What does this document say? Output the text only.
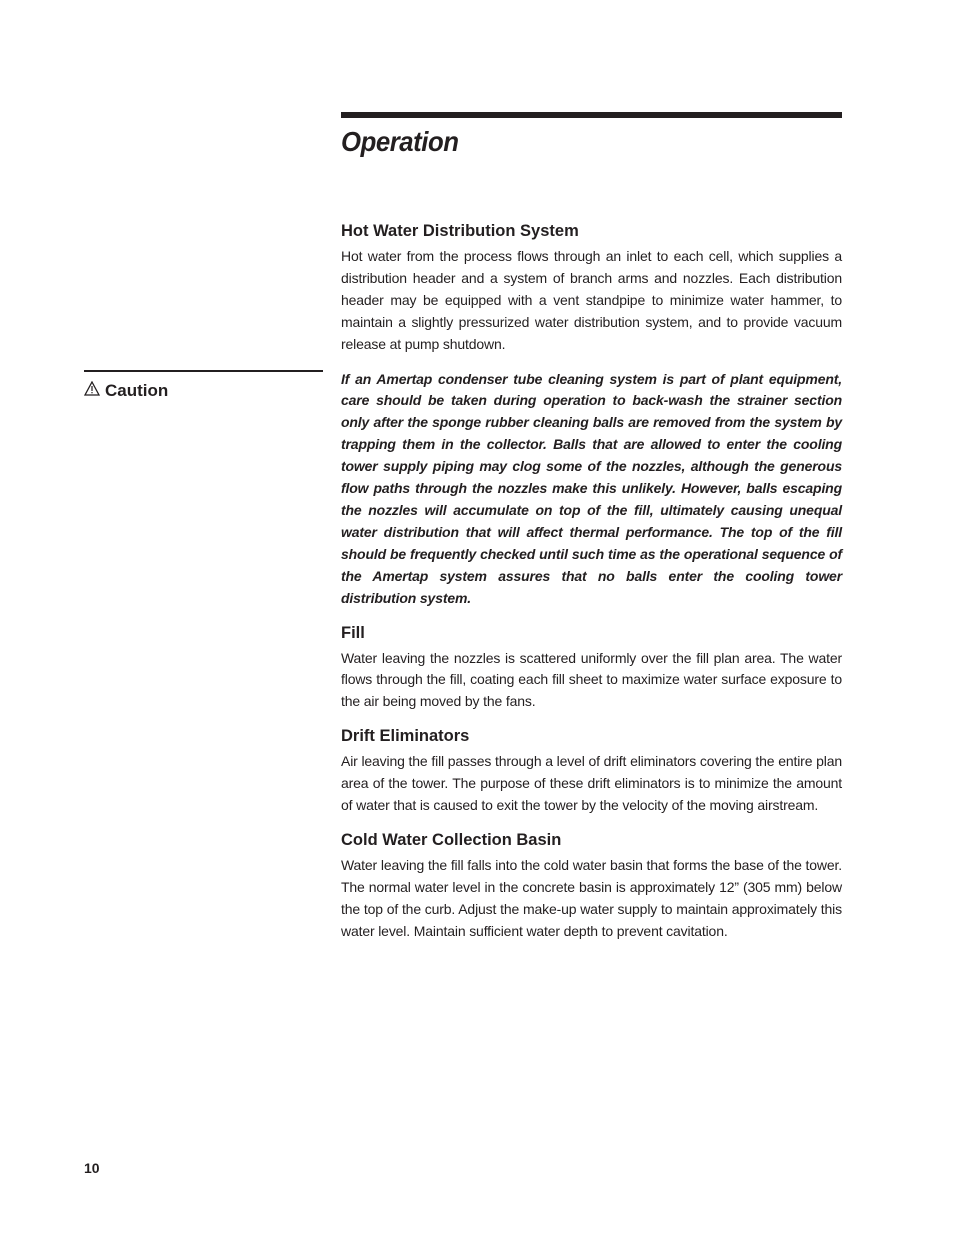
Operation
Caution
Hot Water Distribution System

Hot water from the process flows through an inlet to each cell, which supplies a distribution header and a system of branch arms and nozzles. Each distribution header may be equipped with a vent standpipe to minimize water hammer, to maintain a slightly pressurized water distribution system, and to provide vacuum release at pump shutdown.

If an Amertap condenser tube cleaning system is part of plant equipment, care should be taken during operation to back-wash the strainer section only after the sponge rubber cleaning balls are removed from the system by trapping them in the collector. Balls that are allowed to enter the cooling tower supply piping may clog some of the nozzles, although the generous flow paths through the nozzles make this unlikely. However, balls escaping the nozzles will accumulate on top of the fill, ultimately causing unequal water distribution that will affect thermal performance. The top of the fill should be frequently checked until such time as the operational sequence of the Amertap system assures that no balls enter the cooling tower distribution system.

Fill

Water leaving the nozzles is scattered uniformly over the fill plan area. The water flows through the fill, coating each fill sheet to maximize water surface exposure to the air being moved by the fans.

Drift Eliminators

Air leaving the fill passes through a level of drift eliminators covering the entire plan area of the tower. The purpose of these drift eliminators is to minimize the amount of water that is caused to exit the tower by the velocity of the moving airstream.

Cold Water Collection Basin

Water leaving the fill falls into the cold water basin that forms the base of the tower. The normal water level in the concrete basin is approximately 12” (305 mm) below the top of the curb. Adjust the make-up water supply to maintain approximately this water level. Maintain sufficient water depth to prevent cavitation.

10
